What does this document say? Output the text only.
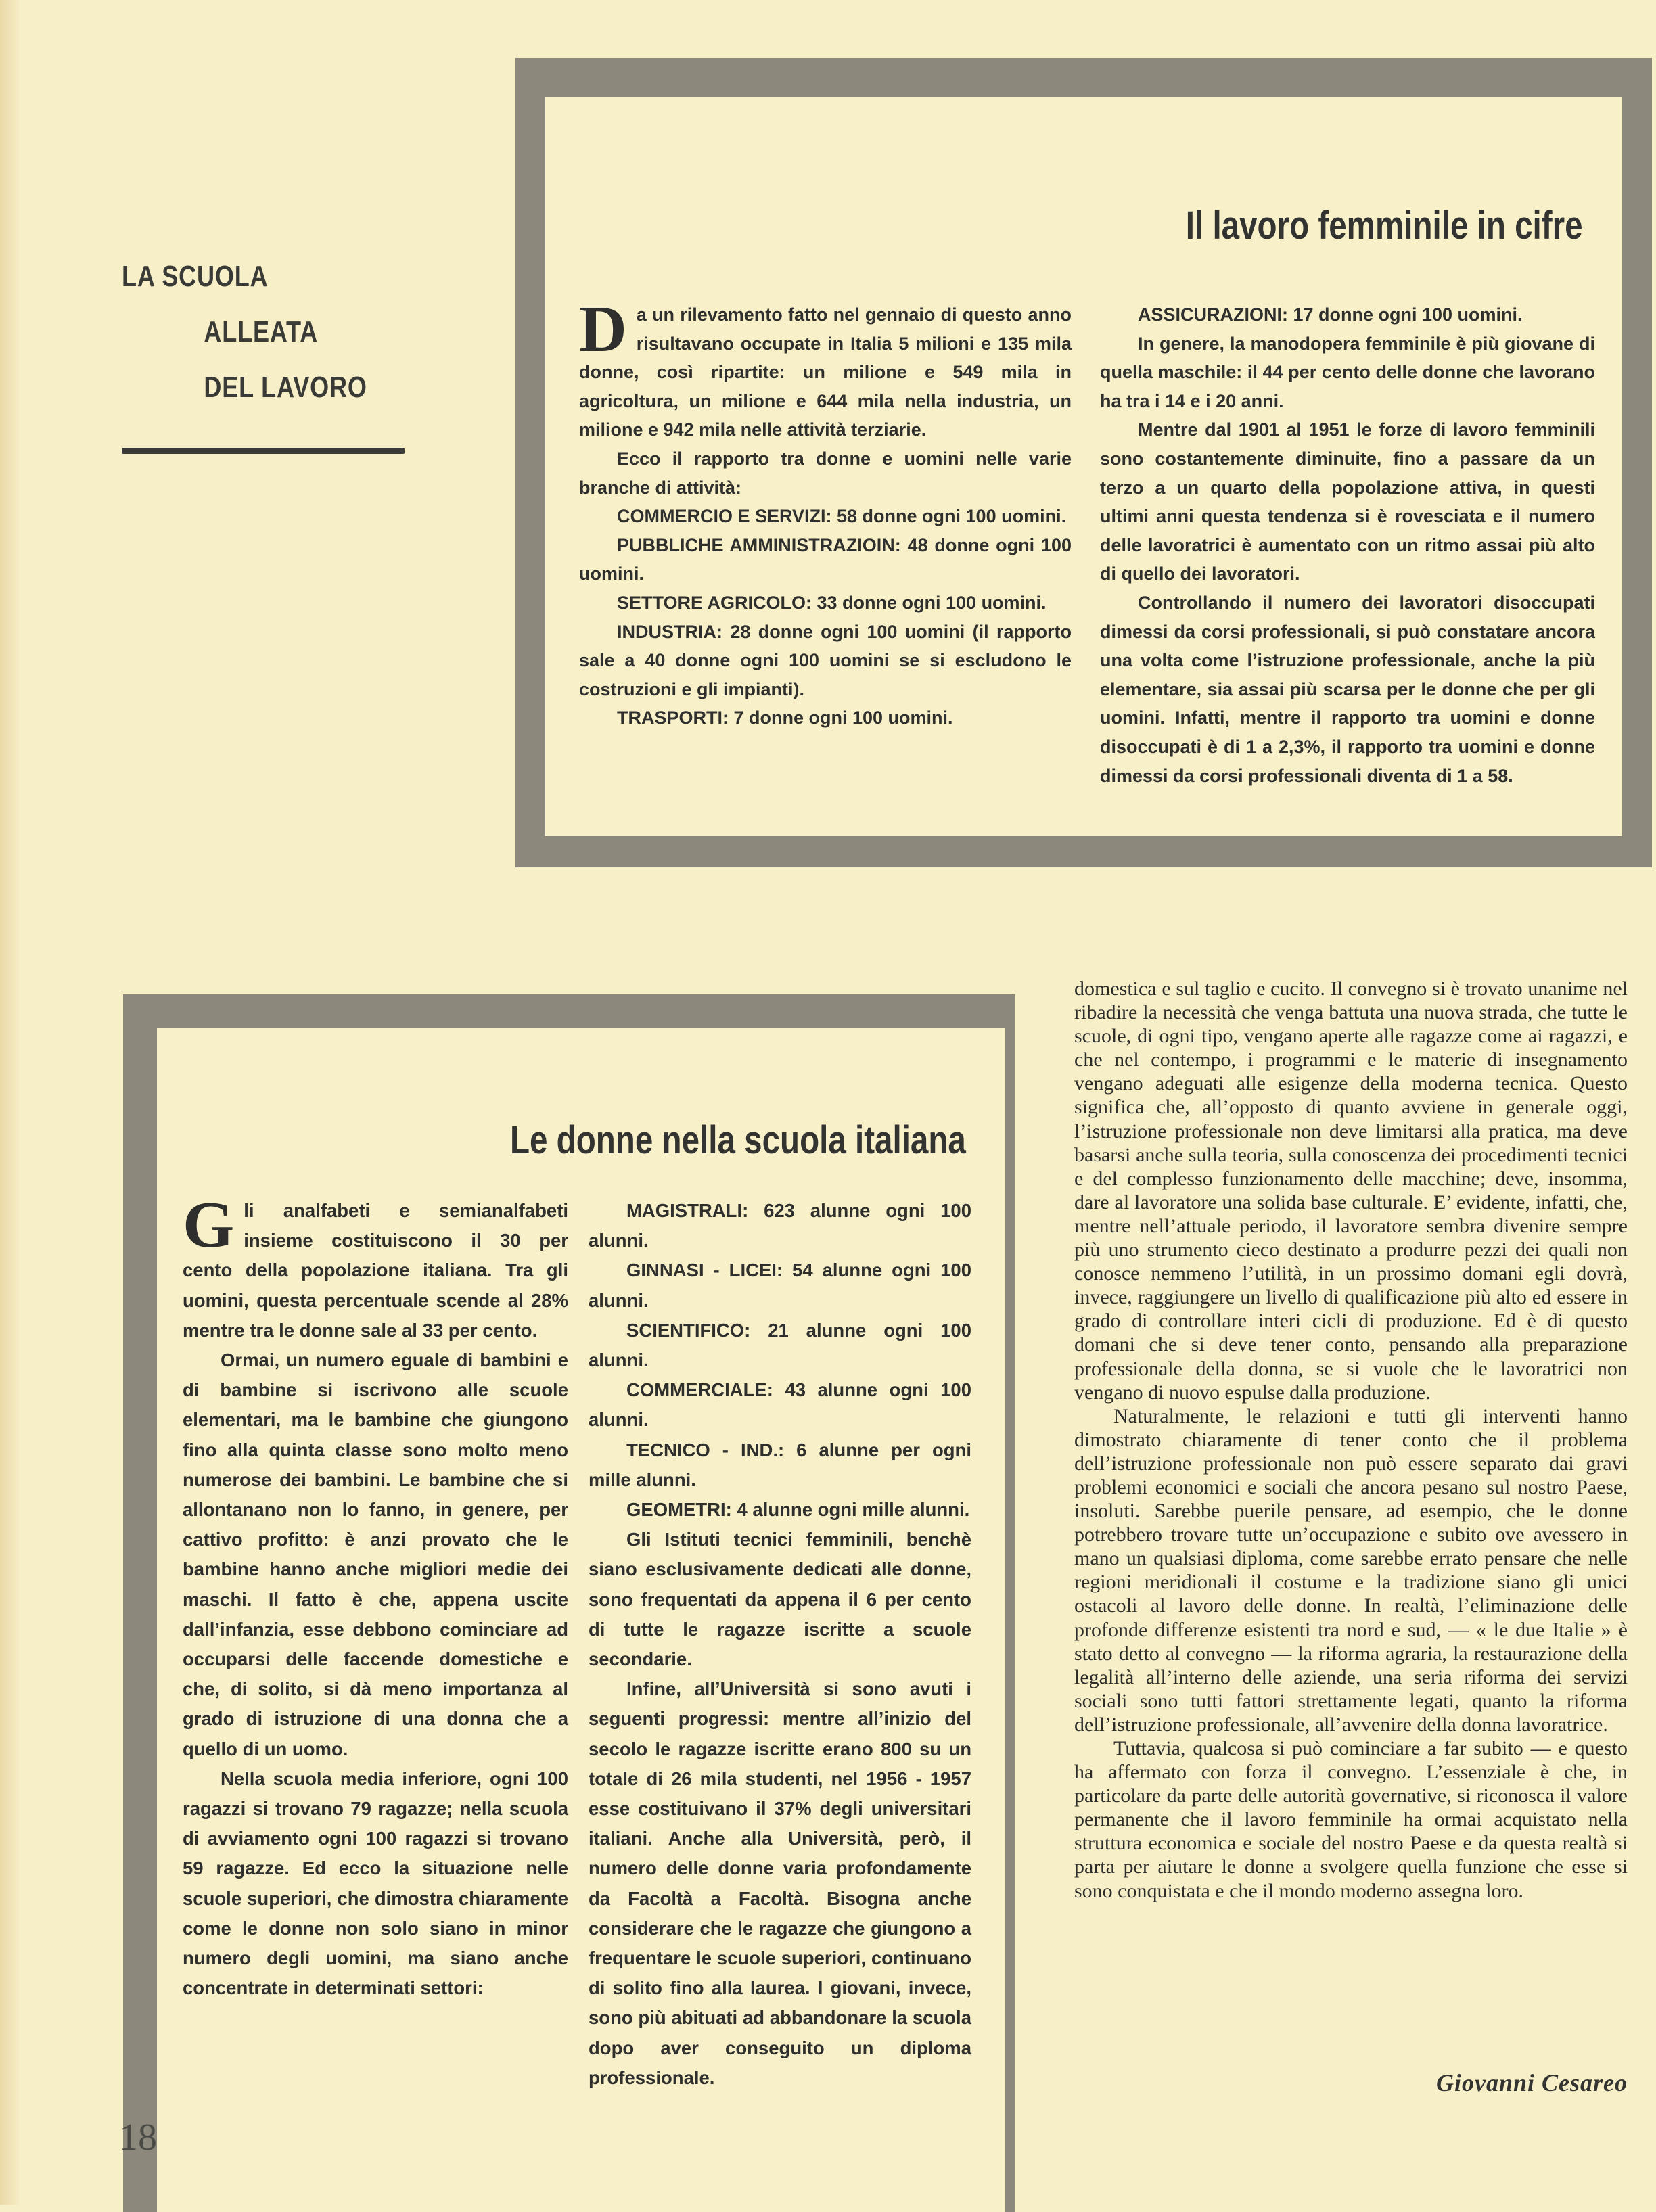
LA SCUOLA
ALLEATA
DEL LAVORO
Il lavoro femminile in cifre

Da un rilevamento fatto nel gennaio di questo anno risultavano occupate in Italia 5 milioni e 135 mila donne, così ripartite: un milione e 549 mila in agricoltura, un milione e 644 mila nella industria, un milione e 942 mila nelle attività terziarie.

Ecco il rapporto tra donne e uomini nelle varie branche di attività:

COMMERCIO E SERVIZI: 58 donne ogni 100 uomini.

PUBBLICHE AMMINISTRAZIOIN: 48 donne ogni 100 uomini.

SETTORE AGRICOLO: 33 donne ogni 100 uomini.

INDUSTRIA: 28 donne ogni 100 uomini (il rapporto sale a 40 donne ogni 100 uomini se si escludono le costruzioni e gli impianti).

TRASPORTI: 7 donne ogni 100 uomini.

ASSICURAZIONI: 17 donne ogni 100 uomini.

In genere, la manodopera femminile è più giovane di quella maschile: il 44 per cento delle donne che lavorano ha tra i 14 e i 20 anni.

Mentre dal 1901 al 1951 le forze di lavoro femminili sono costantemente diminuite, fino a passare da un terzo a un quarto della popolazione attiva, in questi ultimi anni questa tendenza si è rovesciata e il numero delle lavoratrici è aumentato con un ritmo assai più alto di quello dei lavoratori.

Controllando il numero dei lavoratori disoccupati dimessi da corsi professionali, si può constatare ancora una volta come l’istruzione professionale, anche la più elementare, sia assai più scarsa per le donne che per gli uomini. Infatti, mentre il rapporto tra uomini e donne disoccupati è di 1 a 2,3%, il rapporto tra uomini e donne dimessi da corsi professionali diventa di 1 a 58.

Le donne nella scuola italiana

Gli analfabeti e semianalfabeti insieme costituiscono il 30 per cento della popolazione italiana. Tra gli uomini, questa percentuale scende al 28% mentre tra le donne sale al 33 per cento.

Ormai, un numero eguale di bambini e di bambine si iscrivono alle scuole elementari, ma le bambine che giungono fino alla quinta classe sono molto meno numerose dei bambini. Le bambine che si allontanano non lo fanno, in genere, per cattivo profitto: è anzi provato che le bambine hanno anche migliori medie dei maschi. Il fatto è che, appena uscite dall’infanzia, esse debbono cominciare ad occuparsi delle faccende domestiche e che, di solito, si dà meno importanza al grado di istruzione di una donna che a quello di un uomo.

Nella scuola media inferiore, ogni 100 ragazzi si trovano 79 ragazze; nella scuola di avviamento ogni 100 ragazzi si trovano 59 ragazze. Ed ecco la situazione nelle scuole superiori, che dimostra chiaramente come le donne non solo siano in minor numero degli uomini, ma siano anche concentrate in determinati settori:

MAGISTRALI: 623 alunne ogni 100 alunni.

GINNASI - LICEI: 54 alunne ogni 100 alunni.

SCIENTIFICO: 21 alunne ogni 100 alunni.

COMMERCIALE: 43 alunne ogni 100 alunni.

TECNICO - IND.: 6 alunne per ogni mille alunni.

GEOMETRI: 4 alunne ogni mille alunni.

Gli Istituti tecnici femminili, benchè siano esclusivamente dedicati alle donne, sono frequentati da appena il 6 per cento di tutte le ragazze iscritte a scuole secondarie.

Infine, all’Università si sono avuti i seguenti progressi: mentre all’inizio del secolo le ragazze iscritte erano 800 su un totale di 26 mila studenti, nel 1956 - 1957 esse costituivano il 37% degli universitari italiani. Anche alla Università, però, il numero delle donne varia profondamente da Facoltà a Facoltà. Bisogna anche considerare che le ragazze che giungono a frequentare le scuole superiori, continuano di solito fino alla laurea. I giovani, invece, sono più abituati ad abbandonare la scuola dopo aver conseguito un diploma professionale.

domestica e sul taglio e cucito. Il convegno si è trovato unanime nel ribadire la necessità che venga battuta una nuova strada, che tutte le scuole, di ogni tipo, vengano aperte alle ragazze come ai ragazzi, e che nel contempo, i programmi e le materie di insegnamento vengano adeguati alle esigenze della moderna tecnica. Questo significa che, all’opposto di quanto avviene in generale oggi, l’istruzione professionale non deve limitarsi alla pratica, ma deve basarsi anche sulla teoria, sulla conoscenza dei procedimenti tecnici e del complesso funzionamento delle macchine; deve, insomma, dare al lavoratore una solida base culturale. E’ evidente, infatti, che, mentre nell’attuale periodo, il lavoratore sembra divenire sempre più uno strumento cieco destinato a produrre pezzi dei quali non conosce nemmeno l’utilità, in un prossimo domani egli dovrà, invece, raggiungere un livello di qualificazione più alto ed essere in grado di controllare interi cicli di produzione. Ed è di questo domani che si deve tener conto, pensando alla preparazione professionale della donna, se si vuole che le lavoratrici non vengano di nuovo espulse dalla produzione.

Naturalmente, le relazioni e tutti gli interventi hanno dimostrato chiaramente di tener conto che il problema dell’istruzione professionale non può essere separato dai gravi problemi economici e sociali che ancora pesano sul nostro Paese, insoluti. Sarebbe puerile pensare, ad esempio, che le donne potrebbero trovare tutte un’occupazione e subito ove avessero in mano un qualsiasi diploma, come sarebbe errato pensare che nelle regioni meridionali il costume e la tradizione siano gli unici ostacoli al lavoro delle donne. In realtà, l’eliminazione delle profonde differenze esistenti tra nord e sud, — « le due Italie » è stato detto al convegno — la riforma agraria, la restaurazione della legalità all’interno delle aziende, una seria riforma dei servizi sociali sono tutti fattori strettamente legati, quanto la riforma dell’istruzione professionale, all’avvenire della donna lavoratrice.

Tuttavia, qualcosa si può cominciare a far subito — e questo ha affermato con forza il convegno. L’essenziale è che, in particolare da parte delle autorità governative, si riconosca il valore permanente che il lavoro femminile ha ormai acquistato nella struttura economica e sociale del nostro Paese e da questa realtà si parta per aiutare le donne a svolgere quella funzione che esse si sono conquistata e che il mondo moderno assegna loro.

Giovanni Cesareo
18
